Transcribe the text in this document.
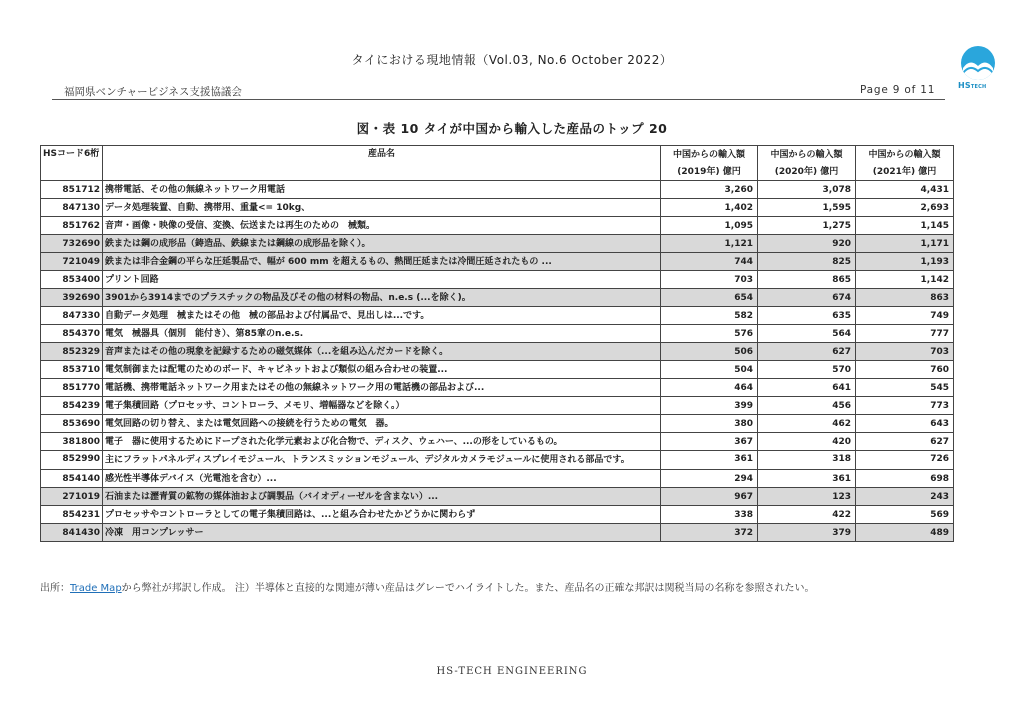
タイにおける現地情報（Vol.03, No.6 October 2022）
福岡県ベンチャービジネス支援協議会	Page 9 of 11	HSTECH
図・表 10 タイが中国から輸入した産品のトップ 20
HSコード6桁	産品名	中国からの輸入額	中国からの輸入額	中国からの輸入額
		(2019年) 億円	(2020年) 億円	(2021年) 億円
851712	携帯電話、その他の無線ネットワーク用電話	3,260	3,078	4,431
847130	データ処理装置、自動、携帯用、重量<= 10kg、	1,402	1,595	2,693
851762	音声・画像・映像の受信、変換、伝送または再生のための　械類。	1,095	1,275	1,145
732690	鉄または鋼の成形品（鋳造品、鉄線または鋼線の成形品を除く）。	1,121	920	1,171
721049	鉄または非合金鋼の平らな圧延製品で、幅が 600 mm を超えるもの、熱間圧延または冷間圧延されたもの ...	744	825	1,193
853400	プリント回路	703	865	1,142
392690	3901から3914までのプラスチックの物品及びその他の材料の物品、n.e.s (...を除く)。	654	674	863
847330	自動データ処理　械またはその他　械の部品および付属品で、見出しは...です。	582	635	749
854370	電気　械器具（個別　能付き）、第85章のn.e.s.	576	564	777
852329	音声またはその他の現象を記録するための磁気媒体（...を組み込んだカードを除く。	506	627	703
853710	電気制御または配電のためのボード、キャビネットおよび類似の組み合わせの装置...	504	570	760
851770	電話機、携帯電話ネットワーク用またはその他の無線ネットワーク用の電話機の部品および...	464	641	545
854239	電子集積回路（プロセッサ、コントローラ、メモリ、増幅器などを除く。）	399	456	773
853690	電気回路の切り替え、または電気回路への接続を行うための電気　器。	380	462	643
381800	電子　器に使用するためにドープされた化学元素および化合物で、ディスク、ウェハー、...の形をしているもの。	367	420	627
852990	主にフラットパネルディスプレイモジュール、トランスミッションモジュール、デジタルカメラモジュールに使用される部品です。	361	318	726
854140	感光性半導体デバイス（光電池を含む）...	294	361	698
271019	石油または瀝青質の鉱物の媒体油および調製品（バイオディーゼルを含まない）...	967	123	243
854231	プロセッサやコントローラとしての電子集積回路は、...と組み合わせたかどうかに関わらず	338	422	569
841430	冷凍　用コンプレッサー	372	379	489
出所：Trade Mapから弊社が邦訳し作成。 注）半導体と直接的な関連が薄い産品はグレーでハイライトした。また、産品名の正確な邦訳は関税当局の名称を参照されたい。
HS-TECH ENGINEERING
